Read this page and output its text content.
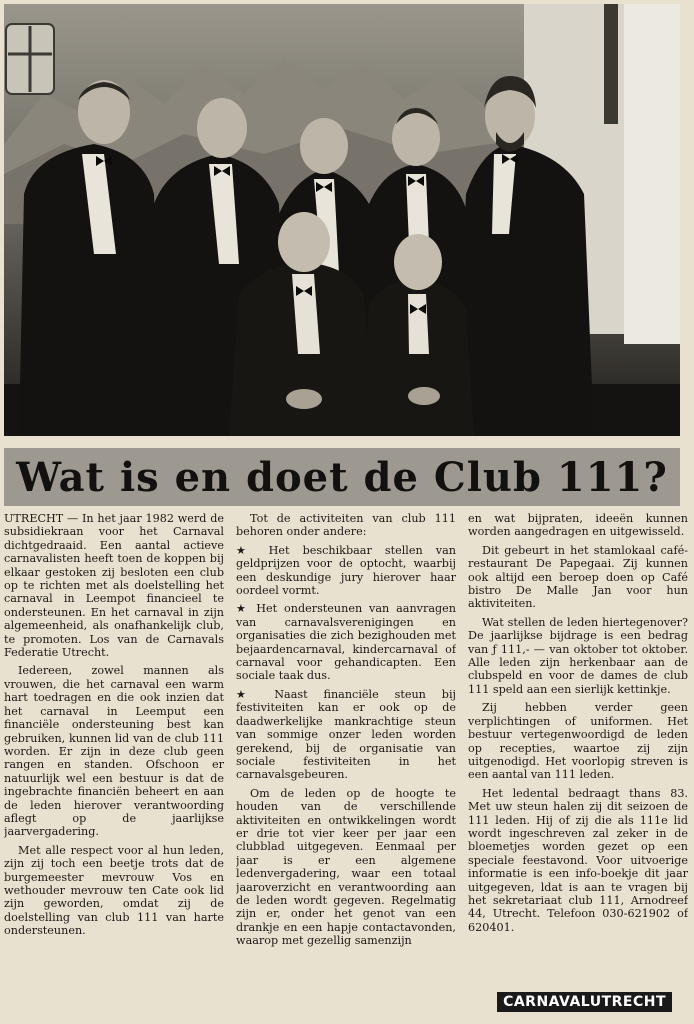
Wat is en doet de Club 111?

UTRECHT — In het jaar 1982 werd de subsidiekraan voor het Carnaval dichtgedraaid. Een aantal actieve carnavalisten heeft toen de koppen bij elkaar gestoken zij besloten een club op te richten met als doelstelling het carnaval in Leempot financieel te ondersteunen. En het carnaval in zijn algemeenheid, als onafhankelijk club, te promoten. Los van de Carnavals Federatie Utrecht.

Iedereen, zowel mannen als vrouwen, die het carnaval een warm hart toedragen en die ook inzien dat het carnaval in Leemput een financiële ondersteuning best kan gebruiken, kunnen lid van de club 111 worden. Er zijn in deze club geen rangen en standen. Ofschoon er natuurlijk wel een bestuur is dat de ingebrachte financiën beheert en aan de leden hierover verantwoording aflegt op de jaarlijkse jaarvergadering.

Met alle respect voor al hun leden, zijn zij toch een beetje trots dat de burgemeester mevrouw Vos en wethouder mevrouw ten Cate ook lid zijn geworden, omdat zij de doelstelling van club 111 van harte ondersteunen.

Tot de activiteiten van club 111 behoren onder andere:

★ Het beschikbaar stellen van geldprijzen voor de optocht, waarbij een deskundige jury hierover haar oordeel vormt.

★ Het ondersteunen van aanvragen van carnavalsverenigingen en organisaties die zich bezighouden met bejaardencarnaval, kindercarnaval of carnaval voor gehandicapten. Een sociale taak dus.

★ Naast financiële steun bij festiviteiten kan er ook op de daadwerkelijke mankrachtige steun van sommige onzer leden worden gerekend, bij de organisatie van sociale festiviteiten in het carnavalsgebeuren.

Om de leden op de hoogte te houden van de verschillende aktiviteiten en ontwikkelingen wordt er drie tot vier keer per jaar een clubblad uitgegeven. Eenmaal per jaar is er een algemene ledenvergadering, waar een totaal jaaroverzicht en verantwoording aan de leden wordt gegeven. Regelmatig zijn er, onder het genot van een drankje en een hapje contactavonden, waarop met gezellig samenzijn

en wat bijpraten, ideeën kunnen worden aangedragen en uitgewisseld.

Dit gebeurt in het stamlokaal café-restaurant De Papegaai. Zij kunnen ook altijd een beroep doen op Café bistro De Malle Jan voor hun aktiviteiten.

Wat stellen de leden hiertegenover? De jaarlijkse bijdrage is een bedrag van ƒ 111,- — van oktober tot oktober. Alle leden zijn herkenbaar aan de clubspeld en voor de dames de club 111 speld aan een sierlijk kettinkje.

Zij hebben verder geen verplichtingen of uniformen. Het bestuur vertegenwoordigd de leden op recepties, waartoe zij zijn uitgenodigd. Het voorlopig streven is een aantal van 111 leden.

Het ledental bedraagt thans 83. Met uw steun halen zij dit seizoen de 111 leden. Hij of zij die als 111e lid wordt ingeschreven zal zeker in de bloemetjes worden gezet op een speciale feestavond. Voor uitvoerige informatie is een info-boekje dit jaar uitgegeven, ldat is aan te vragen bij het sekretariaat club 111, Arnodreef 44, Utrecht. Telefoon 030-621902 of 620401.

CARNAVALUTRECHT
